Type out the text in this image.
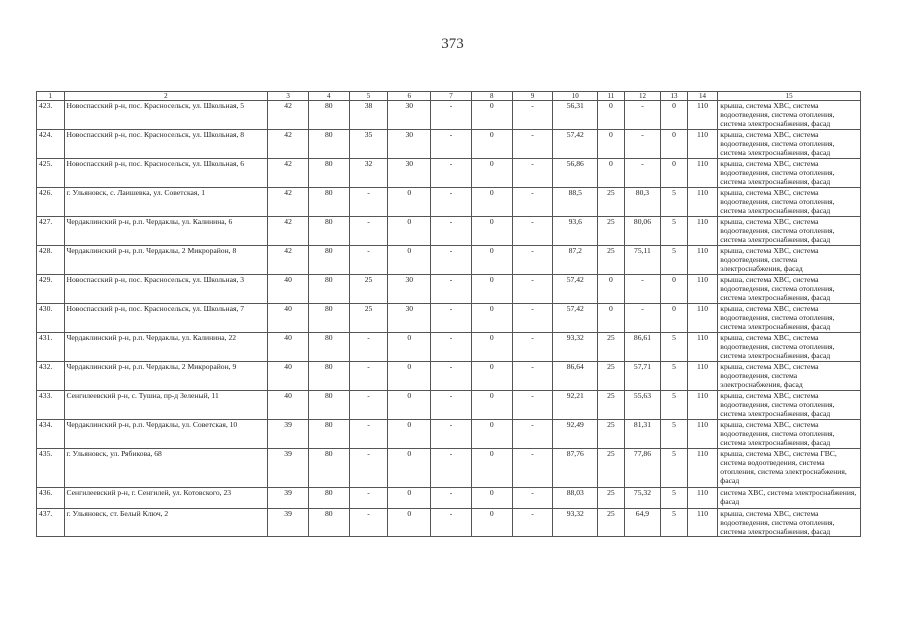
373
1	2	3	4	5	6	7	8	9	10	11	12	13	14	15
423.	Новоспасский р-н, пос. Красносельск, ул. Школьная, 5	42	80	38	30	-	0	-	56,31	0	-	0	110	крыша, система ХВС, система водоотведения, система отопления, система электроснабжения, фасад
424.	Новоспасский р-н, пос. Красносельск, ул. Школьная, 8	42	80	35	30	-	0	-	57,42	0	-	0	110	крыша, система ХВС, система водоотведения, система отопления, система электроснабжения, фасад
425.	Новоспасский р-н, пос. Красносельск, ул. Школьная, 6	42	80	32	30	-	0	-	56,86	0	-	0	110	крыша, система ХВС, система водоотведения, система отопления, система электроснабжения, фасад
426.	г. Ульяновск, с. Лаишевка, ул. Советская, 1	42	80	-	0	-	0	-	88,5	25	80,3	5	110	крыша, система ХВС, система водоотведения, система отопления, система электроснабжения, фасад
427.	Чердаклинский р-н, р.п. Чердаклы, ул. Калинина, 6	42	80	-	0	-	0	-	93,6	25	80,06	5	110	крыша, система ХВС, система водоотведения, система отопления, система электроснабжения, фасад
428.	Чердаклинский р-н, р.п. Чердаклы, 2 Микрорайон, 8	42	80	-	0	-	0	-	87,2	25	75,11	5	110	крыша, система ХВС, система водоотведения, система электроснабжения, фасад
429.	Новоспасский р-н, пос. Красносельск, ул. Школьная, 3	40	80	25	30	-	0	-	57,42	0	-	0	110	крыша, система ХВС, система водоотведения, система отопления, система электроснабжения, фасад
430.	Новоспасский р-н, пос. Красносельск, ул. Школьная, 7	40	80	25	30	-	0	-	57,42	0	-	0	110	крыша, система ХВС, система водоотведения, система отопления, система электроснабжения, фасад
431.	Чердаклинский р-н, р.п. Чердаклы, ул. Калинина, 22	40	80	-	0	-	0	-	93,32	25	86,61	5	110	крыша, система ХВС, система водоотведения, система отопления, система электроснабжения, фасад
432.	Чердаклинский р-н, р.п. Чердаклы, 2 Микрорайон, 9	40	80	-	0	-	0	-	86,64	25	57,71	5	110	крыша, система ХВС, система водоотведения, система электроснабжения, фасад
433.	Сенгилеевский р-н, с. Тушна, пр-д Зеленый, 11	40	80	-	0	-	0	-	92,21	25	55,63	5	110	крыша, система ХВС, система водоотведения, система отопления, система электроснабжения, фасад
434.	Чердаклинский р-н, р.п. Чердаклы, ул. Советская, 10	39	80	-	0	-	0	-	92,49	25	81,31	5	110	крыша, система ХВС, система водоотведения, система отопления, система электроснабжения, фасад
435.	г. Ульяновск, ул. Рябикова, 68	39	80	-	0	-	0	-	87,76	25	77,86	5	110	крыша, система ХВС, система ГВС, система водоотведения, система отопления, система электроснабжения, фасад
436.	Сенгилеевский р-н, г. Сенгилей, ул. Котовского, 23	39	80	-	0	-	0	-	88,03	25	75,32	5	110	система ХВС, система электроснабжения, фасад
437.	г. Ульяновск, ст. Белый Ключ, 2	39	80	-	0	-	0	-	93,32	25	64,9	5	110	крыша, система ХВС, система водоотведения, система отопления, система электроснабжения, фасад
